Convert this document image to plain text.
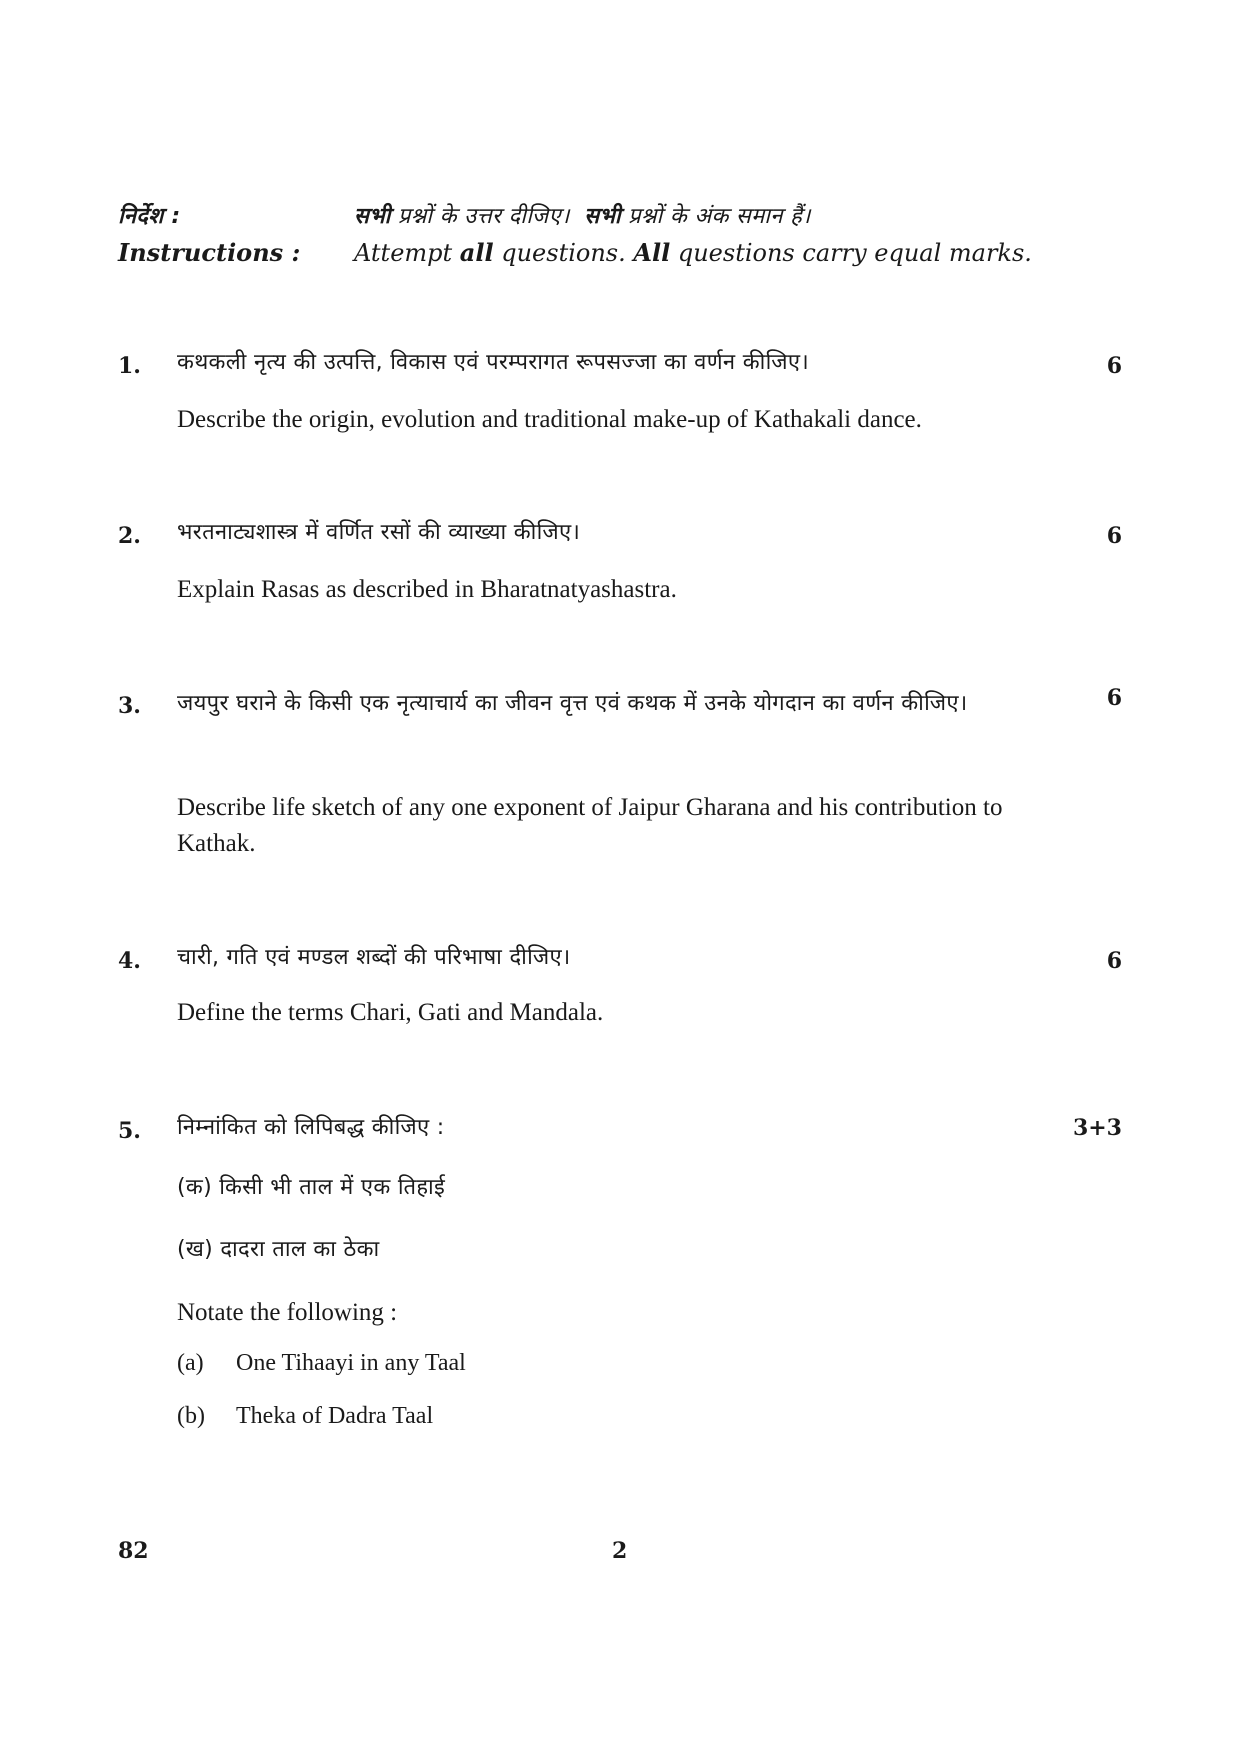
निर्देश :	सभी प्रश्नों के उत्तर दीजिए। सभी प्रश्नों के अंक समान हैं।
Instructions : Attempt all questions. All questions carry equal marks.
1.	6
कथकली नृत्य की उत्पत्ति, विकास एवं परम्परागत रूपसज्जा का वर्णन कीजिए।
Describe the origin, evolution and traditional make-up of Kathakali dance.
2.	6
भरतनाट्यशास्त्र में वर्णित रसों की व्याख्या कीजिए।
Explain Rasas as described in Bharatnatyashastra.
3.	6
जयपुर घराने के किसी एक नृत्याचार्य का जीवन वृत्त एवं कथक में उनके योगदान का वर्णन कीजिए।
Describe life sketch of any one exponent of Jaipur Gharana and his contribution to Kathak.
4.	6
चारी, गति एवं मण्डल शब्दों की परिभाषा दीजिए।
Define the terms Chari, Gati and Mandala.
5.	3+3
निम्नांकित को लिपिबद्ध कीजिए :
(क) किसी भी ताल में एक तिहाई
(ख) दादरा ताल का ठेका
Notate the following :
(a) One Tihaayi in any Taal
(b) Theka of Dadra Taal
82	2
